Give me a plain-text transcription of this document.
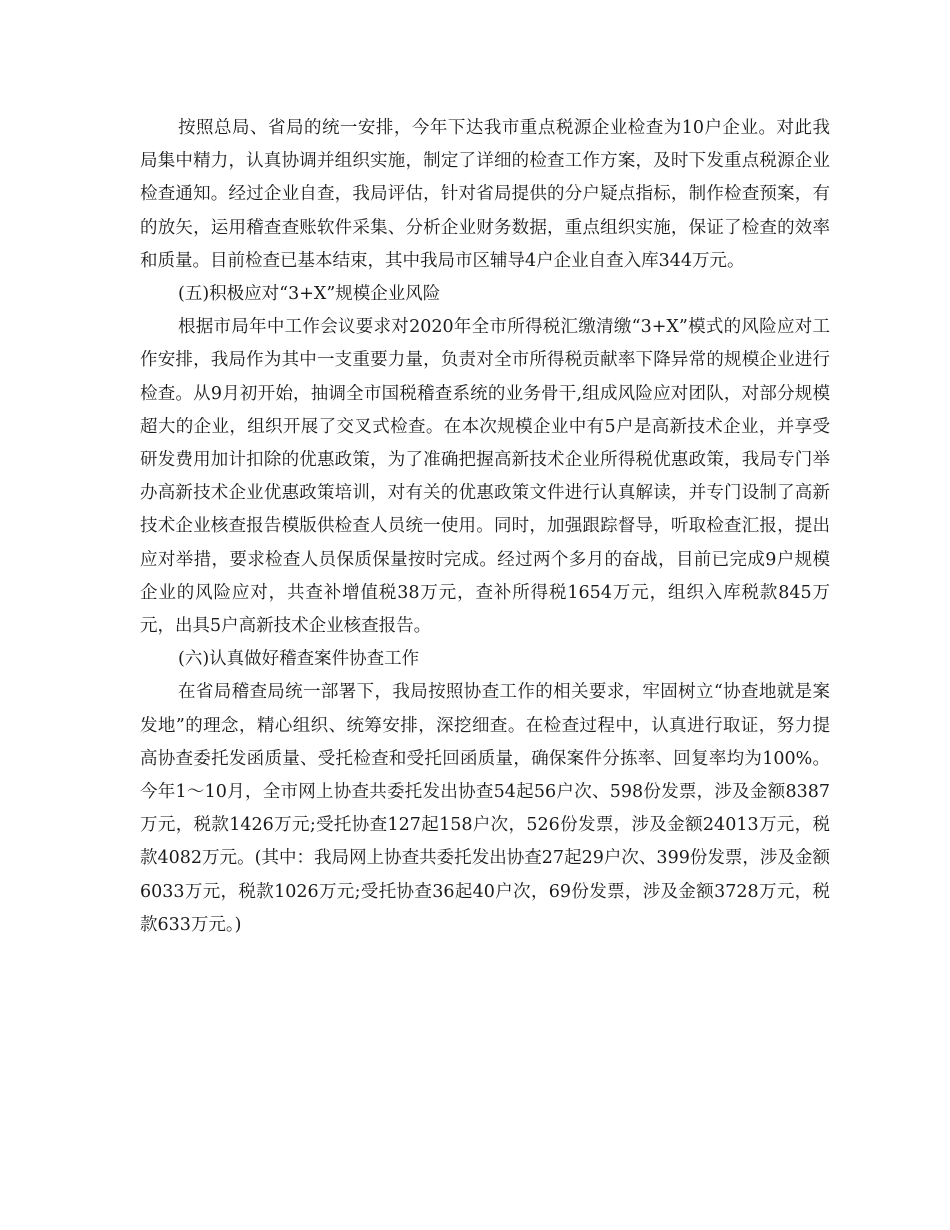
按照总局、省局的统一安排，今年下达我市重点税源企业检查为10户企业。对此我局集中精力，认真协调并组织实施，制定了详细的检查工作方案，及时下发重点税源企业检查通知。经过企业自查，我局评估，针对省局提供的分户疑点指标，制作检查预案，有的放矢，运用稽查查账软件采集、分析企业财务数据，重点组织实施，保证了检查的效率和质量。目前检查已基本结束，其中我局市区辅导4户企业自查入库344万元。

(五)积极应对“3+X”规模企业风险

根据市局年中工作会议要求对2020年全市所得税汇缴清缴“3+X”模式的风险应对工作安排，我局作为其中一支重要力量，负责对全市所得税贡献率下降异常的规模企业进行检查。从9月初开始，抽调全市国税稽查系统的业务骨干,组成风险应对团队，对部分规模超大的企业，组织开展了交叉式检查。在本次规模企业中有5户是高新技术企业，并享受研发费用加计扣除的优惠政策，为了准确把握高新技术企业所得税优惠政策，我局专门举办高新技术企业优惠政策培训，对有关的优惠政策文件进行认真解读，并专门设制了高新技术企业核查报告模版供检查人员统一使用。同时，加强跟踪督导，听取检查汇报，提出应对举措，要求检查人员保质保量按时完成。经过两个多月的奋战，目前已完成9户规模企业的风险应对，共查补增值税38万元，查补所得税1654万元，组织入库税款845万元，出具5户高新技术企业核查报告。

(六)认真做好稽查案件协查工作

在省局稽查局统一部署下，我局按照协查工作的相关要求，牢固树立“协查地就是案发地”的理念，精心组织、统筹安排，深挖细查。在检查过程中，认真进行取证，努力提高协查委托发函质量、受托检查和受托回函质量，确保案件分拣率、回复率均为100%。今年1～10月，全市网上协查共委托发出协查54起56户次、598份发票，涉及金额8387万元，税款1426万元;受托协查127起158户次，526份发票，涉及金额24013万元，税款4082万元。(其中：我局网上协查共委托发出协查27起29户次、399份发票，涉及金额6033万元，税款1026万元;受托协查36起40户次，69份发票，涉及金额3728万元，税款633万元。)
